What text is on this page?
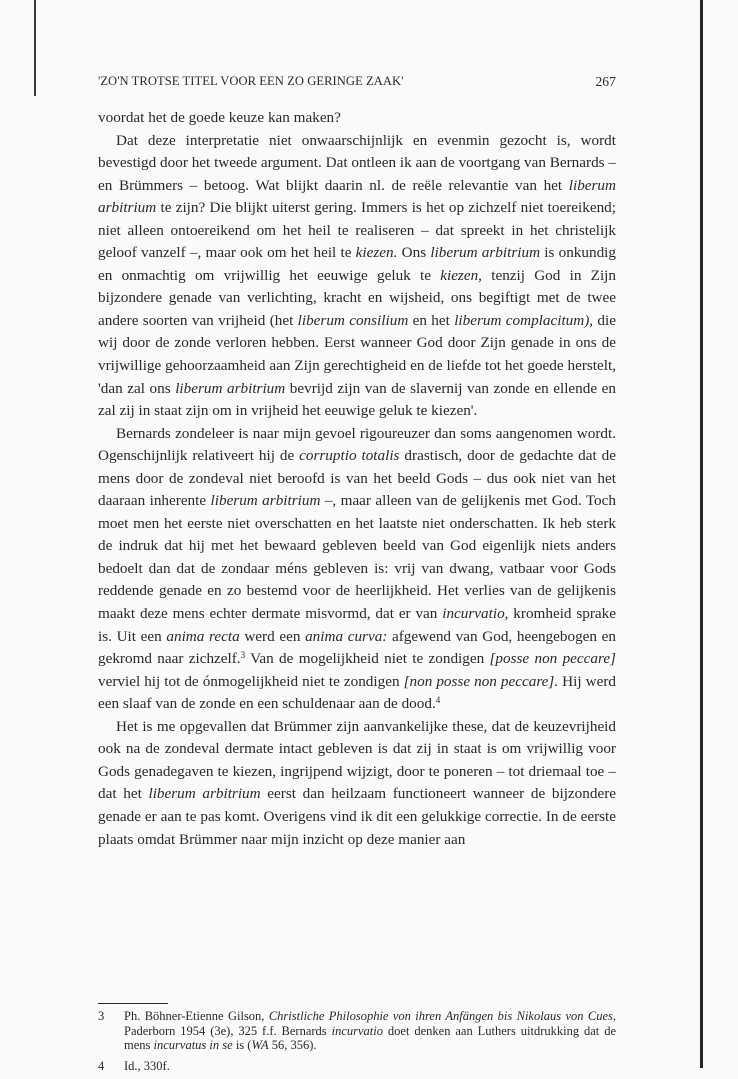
'ZO'N TROTSE TITEL VOOR EEN ZO GERINGE ZAAK'	267

voordat het de goede keuze kan maken?

Dat deze interpretatie niet onwaarschijnlijk en evenmin gezocht is, wordt bevestigd door het tweede argument. Dat ontleen ik aan de voortgang van Bernards – en Brümmers – betoog. Wat blijkt daarin nl. de reële relevantie van het liberum arbitrium te zijn? Die blijkt uiterst gering. Immers is het op zichzelf niet toereikend; niet alleen ontoereikend om het heil te realiseren – dat spreekt in het christelijk geloof vanzelf –, maar ook om het heil te kiezen. Ons liberum arbitrium is onkundig en onmachtig om vrijwillig het eeuwige geluk te kiezen, tenzij God in Zijn bijzondere genade van verlichting, kracht en wijsheid, ons begiftigt met de twee andere soorten van vrijheid (het liberum consilium en het liberum complacitum), die wij door de zonde verloren hebben. Eerst wanneer God door Zijn genade in ons de vrijwillige gehoorzaamheid aan Zijn gerechtigheid en de liefde tot het goede herstelt, 'dan zal ons liberum arbitrium bevrijd zijn van de slavernij van zonde en ellende en zal zij in staat zijn om in vrijheid het eeuwige geluk te kiezen'.

Bernards zondeleer is naar mijn gevoel rigoureuzer dan soms aangenomen wordt. Ogenschijnlijk relativeert hij de corruptio totalis drastisch, door de gedachte dat de mens door de zondeval niet beroofd is van het beeld Gods – dus ook niet van het daaraan inherente liberum arbitrium –, maar alleen van de gelijkenis met God. Toch moet men het eerste niet overschatten en het laatste niet onderschatten. Ik heb sterk de indruk dat hij met het bewaard gebleven beeld van God eigenlijk niets anders bedoelt dan dat de zondaar méns gebleven is: vrij van dwang, vatbaar voor Gods reddende genade en zo bestemd voor de heerlijkheid. Het verlies van de gelijkenis maakt deze mens echter dermate misvormd, dat er van incurvatio, kromheid sprake is. Uit een anima recta werd een anima curva: afgewend van God, heengebogen en gekromd naar zichzelf.$^3$ Van de mogelijkheid niet te zondigen [posse non peccare] verviel hij tot de ónmogelijkheid niet te zondigen [non posse non peccare]. Hij werd een slaaf van de zonde en een schuldenaar aan de dood.$^4$

Het is me opgevallen dat Brümmer zijn aanvankelijke these, dat de keuzevrijheid ook na de zondeval dermate intact gebleven is dat zij in staat is om vrijwillig voor Gods genadegaven te kiezen, ingrijpend wijzigt, door te poneren – tot driemaal toe – dat het liberum arbitrium eerst dan heilzaam functioneert wanneer de bijzondere genade er aan te pas komt. Overigens vind ik dit een gelukkige correctie. In de eerste plaats omdat Brümmer naar mijn inzicht op deze manier aan

3 Ph. Böhner-Etienne Gilson, Christliche Philosophie von ihren Anfängen bis Nikolaus von Cues, Paderborn 1954 (3e), 325 f.f. Bernards incurvatio doet denken aan Luthers uitdrukking dat de mens incurvatus in se is (WA 56, 356).
4 Id., 330f.
